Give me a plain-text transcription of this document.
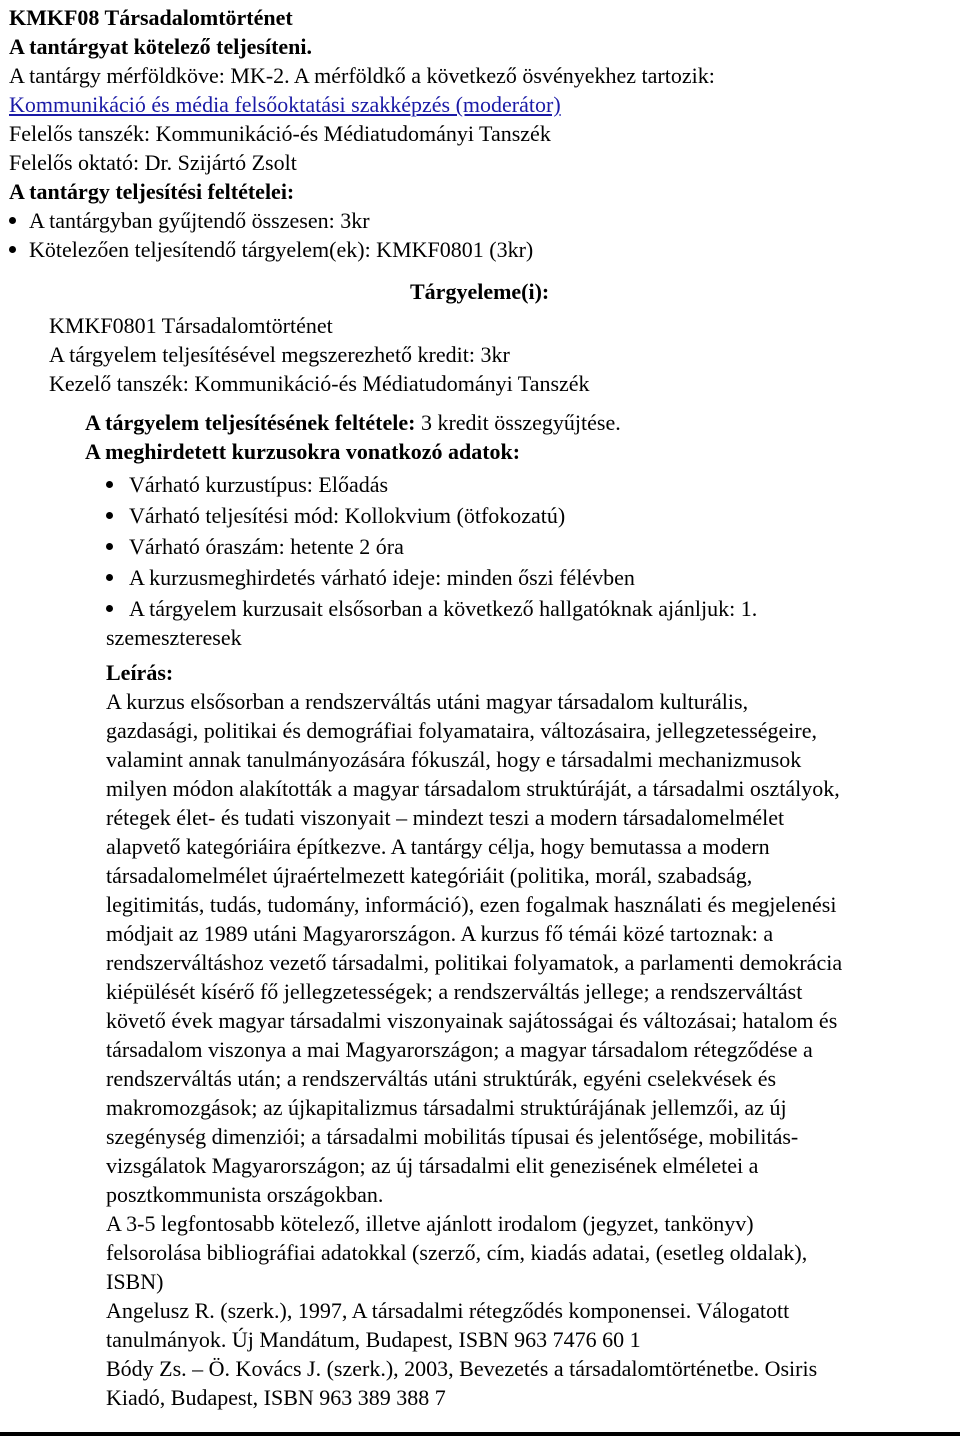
KMKF08 Társadalomtörténet
A tantárgyat kötelező teljesíteni.
A tantárgy mérföldköve: MK-2. A mérföldkő a következő ösvényekhez tartozik:
Kommunikáció és média felsőoktatási szakképzés (moderátor)
Felelős tanszék: Kommunikáció-és Médiatudományi Tanszék
Felelős oktató: Dr. Szijártó Zsolt
A tantárgy teljesítési feltételei:
A tantárgyban gyűjtendő összesen: 3kr
Kötelezően teljesítendő tárgyelem(ek): KMKF0801 (3kr)
Tárgyeleme(i):
KMKF0801 Társadalomtörténet
A tárgyelem teljesítésével megszerezhető kredit: 3kr
Kezelő tanszék: Kommunikáció-és Médiatudományi Tanszék
A tárgyelem teljesítésének feltétele: 3 kredit összegyűjtése.
A meghirdetett kurzusokra vonatkozó adatok:
Várható kurzustípus: Előadás
Várható teljesítési mód: Kollokvium (ötfokozatú)
Várható óraszám: hetente 2 óra
A kurzusmeghirdetés várható ideje: minden őszi félévben
A tárgyelem kurzusait elsősorban a következő hallgatóknak ajánljuk: 1.
szemeszteresek
Leírás:

A kurzus elsősorban a rendszerváltás utáni magyar társadalom kulturális,

gazdasági, politikai és demográfiai folyamataira, változásaira, jellegzetességeire,

valamint annak tanulmányozására fókuszál, hogy e társadalmi mechanizmusok

milyen módon alakították a magyar társadalom struktúráját, a társadalmi osztályok,

rétegek élet- és tudati viszonyait – mindezt teszi a modern társadalomelmélet

alapvető kategóriáira építkezve. A tantárgy célja, hogy bemutassa a modern

társadalomelmélet újraértelmezett kategóriáit (politika, morál, szabadság,

legitimitás, tudás, tudomány, információ), ezen fogalmak használati és megjelenési

módjait az 1989 utáni Magyarországon. A kurzus fő témái közé tartoznak: a

rendszerváltáshoz vezető társadalmi, politikai folyamatok, a parlamenti demokrácia

kiépülését kísérő fő jellegzetességek; a rendszerváltás jellege; a rendszerváltást

követő évek magyar társadalmi viszonyainak sajátosságai és változásai; hatalom és

társadalom viszonya a mai Magyarországon; a magyar társadalom rétegződése a

rendszerváltás után; a rendszerváltás utáni struktúrák, egyéni cselekvések és

makromozgások; az újkapitalizmus társadalmi struktúrájának jellemzői, az új

szegénység dimenziói; a társadalmi mobilitás típusai és jelentősége, mobilitás-

vizsgálatok Magyarországon; az új társadalmi elit genezisének elméletei a

posztkommunista országokban.

A 3-5 legfontosabb kötelező, illetve ajánlott irodalom (jegyzet, tankönyv)

felsorolása bibliográfiai adatokkal (szerző, cím, kiadás adatai, (esetleg oldalak),

ISBN)

Angelusz R. (szerk.), 1997, A társadalmi rétegződés komponensei. Válogatott

tanulmányok. Új Mandátum, Budapest, ISBN 963 7476 60 1

Bódy Zs. – Ö. Kovács J. (szerk.), 2003, Bevezetés a társadalomtörténetbe. Osiris

Kiadó, Budapest, ISBN 963 389 388 7
